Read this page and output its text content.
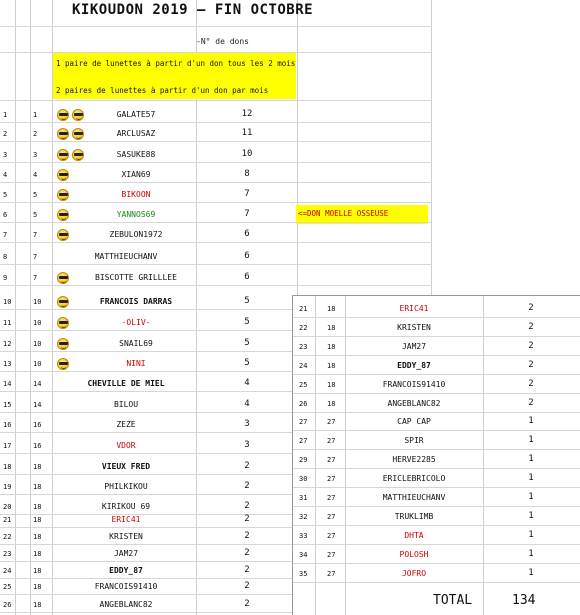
KIKOUDON 2019 – FIN OCTOBRE
-N° de dons
1 paire de lunettes à partir d'un don tous les 2 mois
2 paires de lunettes à partir d'un don par mois
<=DON MOELLE OSSEUSE
1	1	GALATE57	12
2	2	ARCLUSAZ	11
3	3	SASUKE88	10
4	4	XIAN69	8
5	5	BIKOON	7
6	5	YANNOS69	7
7	7	ZEBULON1972	6
8	7	MATTHIEUCHANV	6
9	7	BISCOTTE GRILLLEE	6
10	10	FRANCOIS DARRAS	5
11	10	-OLIV-	5
12	10	SNAIL69	5
13	10	NINI	5
14	14	CHEVILLE DE MIEL	4
15	14	BILOU	4
16	16	ZEZE	3
17	16	VDOR	3
18	18	VIEUX FRED	2
19	18	PHILKIKOU	2
20	18	KIRIKOU 69	2
21	18	ERIC41	2
22	18	KRISTEN	2
23	18	JAM27	2
24	18	EDDY_87	2
25	18	FRANCOIS91410	2
26	18	ANGEBLANC82	2
21	18	ERIC41	2
22	18	KRISTEN	2
23	18	JAM27	2
24	18	EDDY_87	2
25	18	FRANCOIS91410	2
26	18	ANGEBLANC82	2
27	27	CAP CAP	1
27	27	SPIR	1
29	27	HERVE2285	1
30	27	ERICLEBRICOLO	1
31	27	MATTHIEUCHANV	1
32	27	TRUKLIMB	1
33	27	DHTA	1
34	27	POLOSH	1
35	27	JOFRO	1
TOTAL	134
